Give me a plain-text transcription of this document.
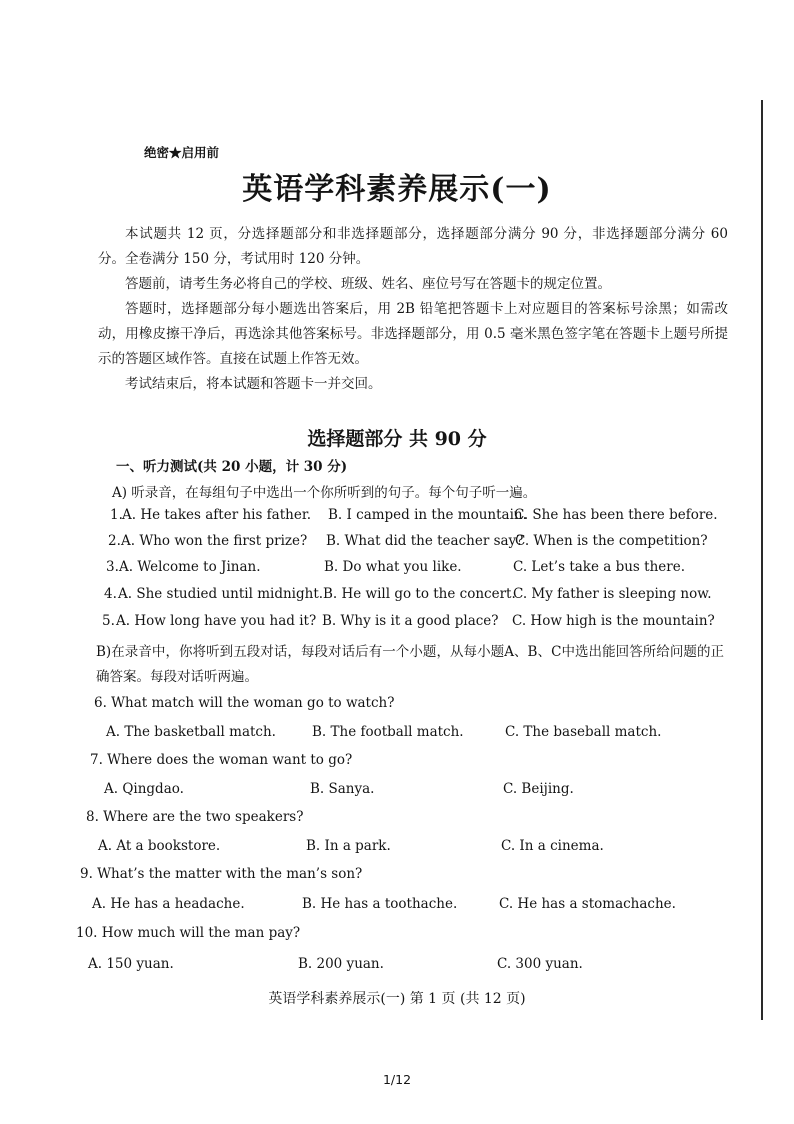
绝密★启用前
英语学科素养展示(一)
本试题共 12 页，分选择题部分和非选择题部分，选择题部分满分 90 分，非选择题部分满分 60 分。全卷满分 150 分，考试用时 120 分钟。
答题前，请考生务必将自己的学校、班级、姓名、座位号写在答题卡的规定位置。
答题时，选择题部分每小题选出答案后，用 2B 铅笔把答题卡上对应题目的答案标号涂黑；如需改动，用橡皮擦干净后，再选涂其他答案标号。非选择题部分，用 0.5 毫米黑色签字笔在答题卡上题号所提示的答题区域作答。直接在试题上作答无效。
考试结束后，将本试题和答题卡一并交回。
选择题部分 共 90 分
一、听力测试(共 20 小题，计 30 分)
A) 听录音，在每组句子中选出一个你所听到的句子。每个句子听一遍。
1. A. He takes after his father. B. I camped in the mountain.
C. She has been there before.
2. A. Who won the first prize? B. What did the teacher say?
C. When is the competition?
3. A. Welcome to Jinan.	B. Do what you like.	C. Let’s take a bus there.
4. A. She studied until midnight. B. He will go to the concert.
C. My father is sleeping now.
5. A. How long have you had it? B. Why is it a good place? C. How high is the mountain?
B)在录音中，你将听到五段对话，每段对话后有一个小题，从每小题A、B、C中选出能回答所给问题的正确答案。每段对话听两遍。
6. What match will the woman go to watch?
A. The basketball match.	B. The football match.	C. The baseball match.
7. Where does the woman want to go?
A. Qingdao.	B. Sanya.	C. Beijing.
8. Where are the two speakers?
A. At a bookstore.	B. In a park.	C. In a cinema.
9. What’s the matter with the man’s son?
A. He has a headache.	B. He has a toothache.	C. He has a stomachache.
10. How much will the man pay?
A. 150 yuan.	B. 200 yuan.	C. 300 yuan.
英语学科素养展示(一) 第 1 页 (共 12 页)
1/12
